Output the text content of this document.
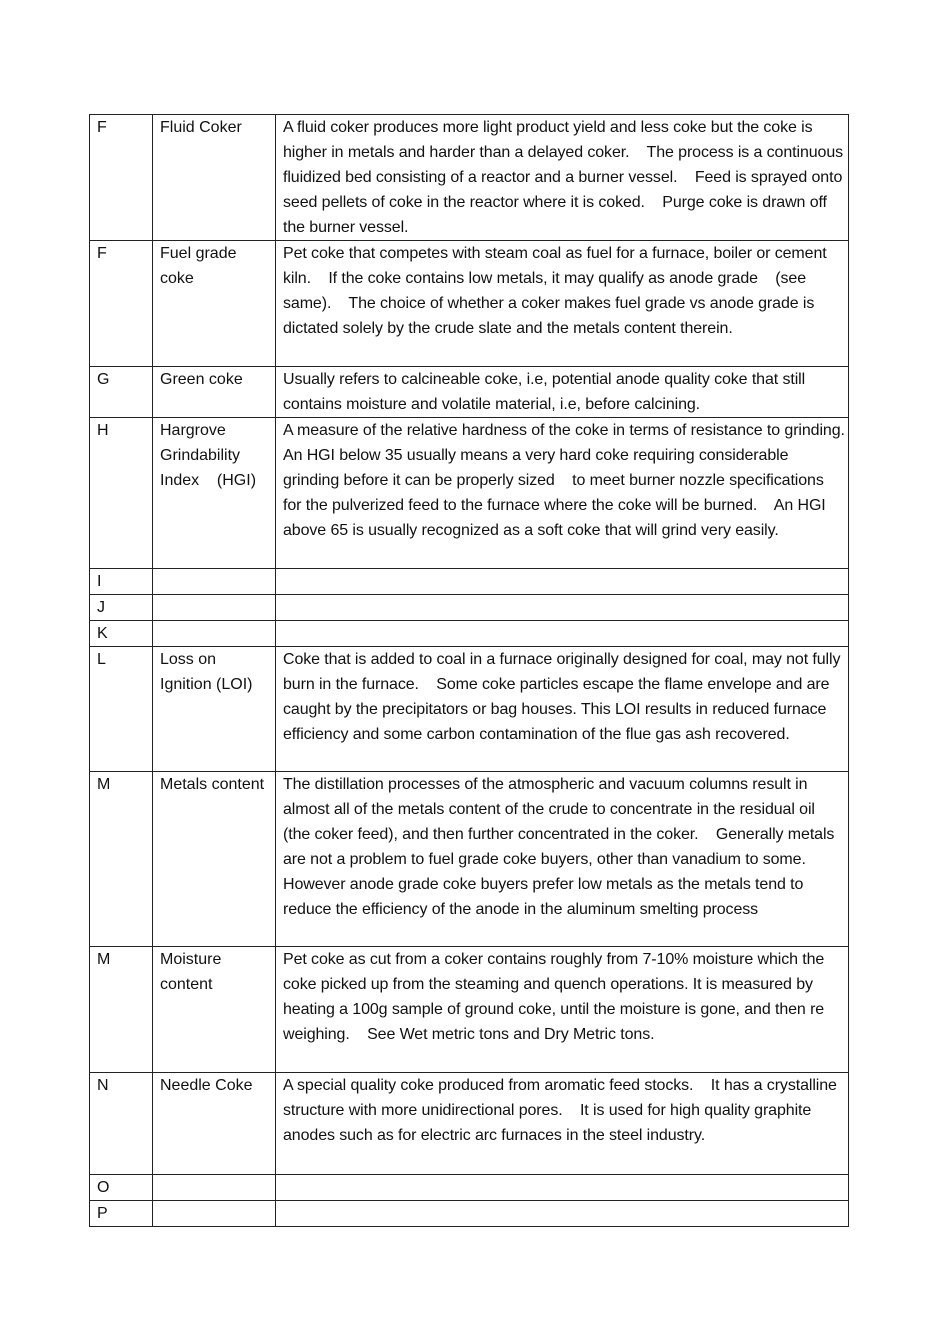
F	Fluid Coker	A fluid coker produces more light product yield and less coke but the coke is higher in metals and harder than a delayed coker.    The process is a continuous fluidized bed consisting of a reactor and a burner vessel.    Feed is sprayed onto seed pellets of coke in the reactor where it is coked.    Purge coke is drawn off the burner vessel.
F	Fuel grade coke	Pet coke that competes with steam coal as fuel for a furnace, boiler or cement kiln.    If the coke contains low metals, it may qualify as anode grade    (see same).    The choice of whether a coker makes fuel grade vs anode grade is dictated solely by the crude slate and the metals content therein.
G	Green coke	Usually refers to calcineable coke, i.e, potential anode quality coke that still contains moisture and volatile material, i.e, before calcining.
H	Hargrove Grindability Index    (HGI)	A measure of the relative hardness of the coke in terms of resistance to grinding.    An HGI below 35 usually means a very hard coke requiring considerable grinding before it can be properly sized    to meet burner nozzle specifications for the pulverized feed to the furnace where the coke will be burned.    An HGI above 65 is usually recognized as a soft coke that will grind very easily.
I		
J		
K		
L	Loss on Ignition (LOI)	Coke that is added to coal in a furnace originally designed for coal, may not fully burn in the furnace.    Some coke particles escape the flame envelope and are caught by the precipitators or bag houses. This LOI results in reduced furnace efficiency and some carbon contamination of the flue gas ash recovered.
M	Metals content	The distillation processes of the atmospheric and vacuum columns result in almost all of the metals content of the crude to concentrate in the residual oil (the coker feed), and then further concentrated in the coker.    Generally metals are not a problem to fuel grade coke buyers, other than vanadium to some.    However anode grade coke buyers prefer low metals as the metals tend to reduce the efficiency of the anode in the aluminum smelting process
M	Moisture content	Pet coke as cut from a coker contains roughly from 7-10% moisture which the coke picked up from the steaming and quench operations. It is measured by heating a 100g sample of ground coke, until the moisture is gone, and then re weighing.    See Wet metric tons and Dry Metric tons.
N	Needle Coke	A special quality coke produced from aromatic feed stocks.    It has a crystalline structure with more unidirectional pores.    It is used for high quality graphite anodes such as for electric arc furnaces in the steel industry.
O		
P		
